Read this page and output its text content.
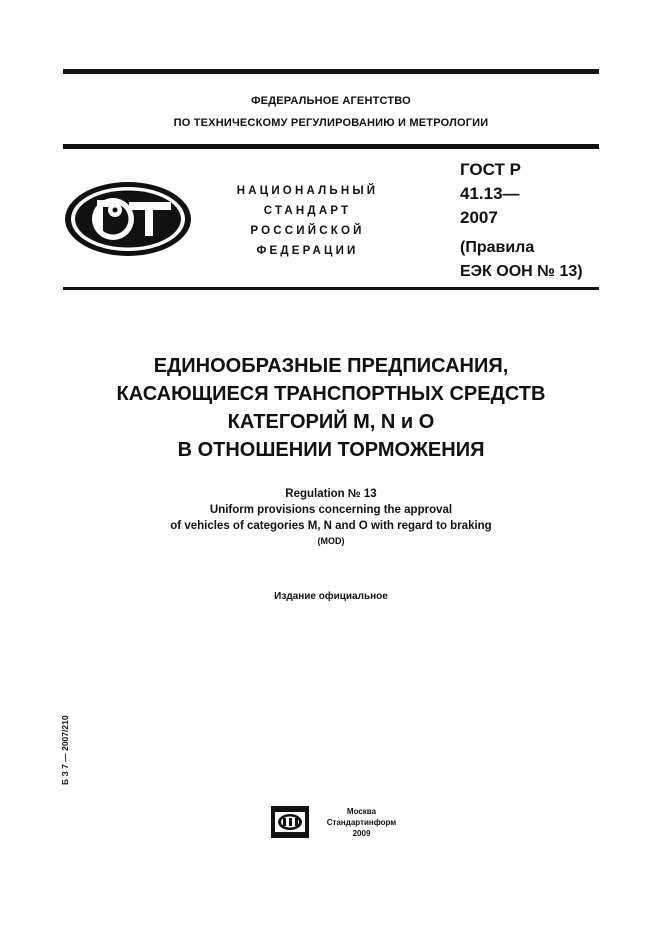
ФЕДЕРАЛЬНОЕ АГЕНТСТВО
ПО ТЕХНИЧЕСКОМУ РЕГУЛИРОВАНИЮ И МЕТРОЛОГИИ
НАЦИОНАЛЬНЫЙ
СТАНДАРТ
РОССИЙСКОЙ
ФЕДЕРАЦИИ
ГОСТ Р
41.13—
2007
(Правила
ЕЭК ООН № 13)
ЕДИНООБРАЗНЫЕ ПРЕДПИСАНИЯ,
КАСАЮЩИЕСЯ ТРАНСПОРТНЫХ СРЕДСТВ
КАТЕГОРИЙ М, N и О
В ОТНОШЕНИИ ТОРМОЖЕНИЯ
Regulation № 13
Uniform provisions concerning the approval
of vehicles of categories M, N and O with regard to braking
(MOD)
Издание официальное
Б З 7 — 2007/210
Москва
Стандартинформ
2009
